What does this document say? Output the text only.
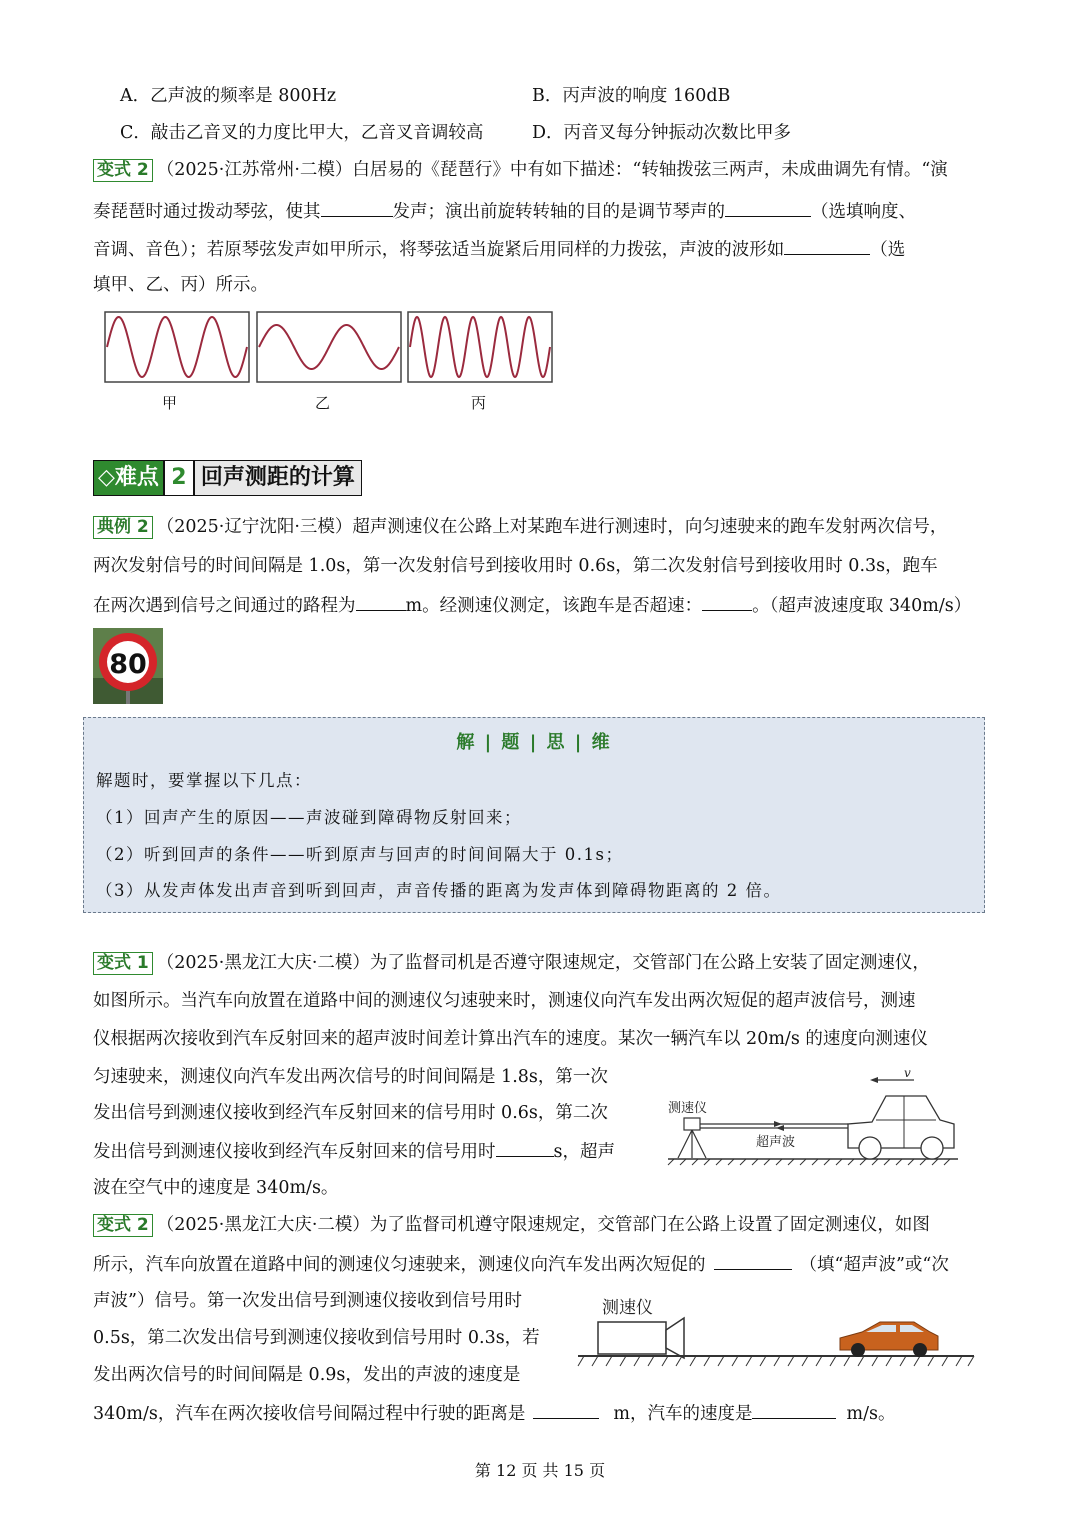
A．乙声波的频率是 800Hz	B．丙声波的响度 160dB
C．敲击乙音叉的力度比甲大，乙音叉音调较高	D．丙音叉每分钟振动次数比甲多
变式 2 （2025·江苏常州·二模）白居易的《琵琶行》中有如下描述：“转轴拨弦三两声，未成曲调先有情。“演
奏琵琶时通过拨动琴弦，使其	发声；演出前旋转转轴的目的是调节琴声的	（选填响度、
音调、音色）；若原琴弦发声如甲所示，将琴弦适当旋紧后用同样的力拨弦，声波的波形如	（选
填甲、乙、丙）所示。
甲	乙	丙
◇难点 2 回声测距的计算
典例 2 （2025·辽宁沈阳·三模）超声测速仪在公路上对某跑车进行测速时，向匀速驶来的跑车发射两次信号，
两次发射信号的时间间隔是 1.0s，第一次发射信号到接收用时 0.6s，第二次发射信号到接收用时 0.3s，跑车
在两次遇到信号之间通过的路程为	m。经测速仪测定，该跑车是否超速：	。（超声波速度取 340m/s）
80
解 | 题 | 思 | 维
解题时，要掌握以下几点：
（1）回声产生的原因——声波碰到障碍物反射回来；
（2）听到回声的条件——听到原声与回声的时间间隔大于 0.1s；
（3）从发声体发出声音到听到回声，声音传播的距离为发声体到障碍物距离的 2 倍。
变式 1 （2025·黑龙江大庆·二模）为了监督司机是否遵守限速规定，交管部门在公路上安装了固定测速仪，
如图所示。当汽车向放置在道路中间的测速仪匀速驶来时，测速仪向汽车发出两次短促的超声波信号，测速
仪根据两次接收到汽车反射回来的超声波时间差计算出汽车的速度。某次一辆汽车以 20m/s 的速度向测速仪
匀速驶来，测速仪向汽车发出两次信号的时间间隔是 1.8s，第一次
发出信号到测速仪接收到经汽车反射回来的信号用时 0.6s，第二次
发出信号到测速仪接收到经汽车反射回来的信号用时	s，超声
波在空气中的速度是 340m/s。
测速仪
超声波
v
变式 2 （2025·黑龙江大庆·二模）为了监督司机遵守限速规定，交管部门在公路上设置了固定测速仪，如图
所示，汽车向放置在道路中间的测速仪匀速驶来，测速仪向汽车发出两次短促的	（填“超声波”或“次
声波”）信号。第一次发出信号到测速仪接收到信号用时
0.5s，第二次发出信号到测速仪接收到信号用时 0.3s，若
发出两次信号的时间间隔是 0.9s，发出的声波的速度是
340m/s，汽车在两次接收信号间隔过程中行驶的距离是	m，汽车的速度是	m/s。
测速仪
第 12 页 共 15 页
